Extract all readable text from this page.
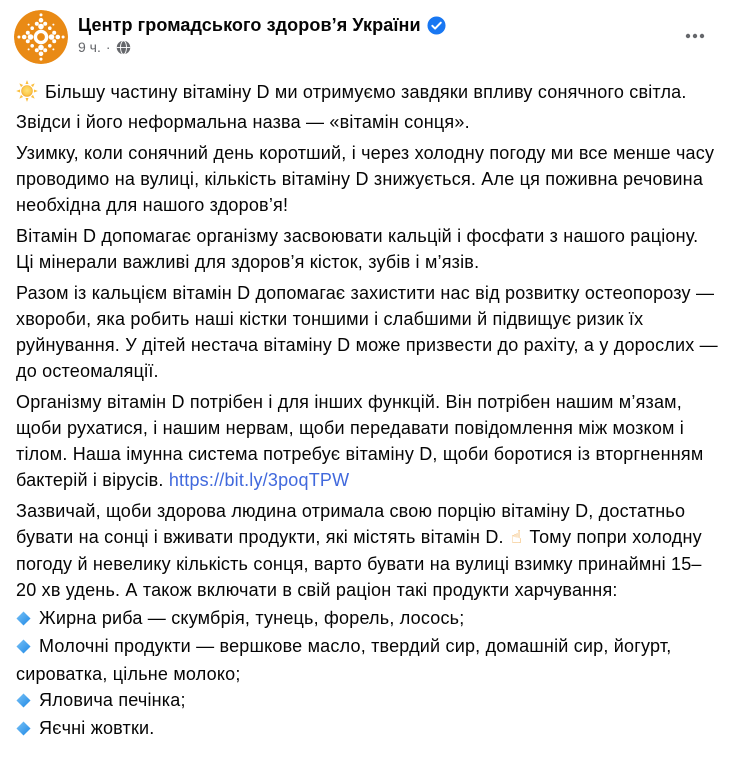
Центр громадського здоров’я України
9 ч. ·

Більшу частину вітаміну D ми отримуємо завдяки впливу сонячного світла. Звідси і його неформальна назва — «вітамін сонця».

Узимку, коли сонячний день коротший, і через холодну погоду ми все менше часу проводимо на вулиці, кількість вітаміну D знижується. Але ця поживна речовина необхідна для нашого здоров’я!

Вітамін D допомагає організму засвоювати кальцій і фосфати з нашого раціону. Ці мінерали важливі для здоров’я кісток, зубів і м’язів.

Разом із кальцієм вітамін D допомагає захистити нас від розвитку остеопорозу — хвороби, яка робить наші кістки тоншими і слабшими й підвищує ризик їх руйнування. У дітей нестача вітаміну D може призвести до рахіту, а у дорослих — до остеомаляції.

Організму вітамін D потрібен і для інших функцій. Він потрібен нашим м’язам, щоби рухатися, і нашим нервам, щоби передавати повідомлення між мозком і тілом. Наша імунна система потребує вітаміну D, щоби боротися із вторгненням бактерій і вірусів. https://bit.ly/3poqTPW

Зазвичай, щоби здорова людина отримала свою порцію вітаміну D, достатньо бувати на сонці і вживати продукти, які містять вітамін D. ☝ Тому попри холодну погоду й невелику кількість сонця, варто бувати на вулиці взимку принаймні 15–20 хв удень. А також включати в свій раціон такі продукти харчування:

Жирна риба — скумбрія, тунець, форель, лосось;
Молочні продукти — вершкове масло, твердий сир, домашній сир, йогурт, сироватка, цільне молоко;
Яловича печінка;
Яєчні жовтки.
